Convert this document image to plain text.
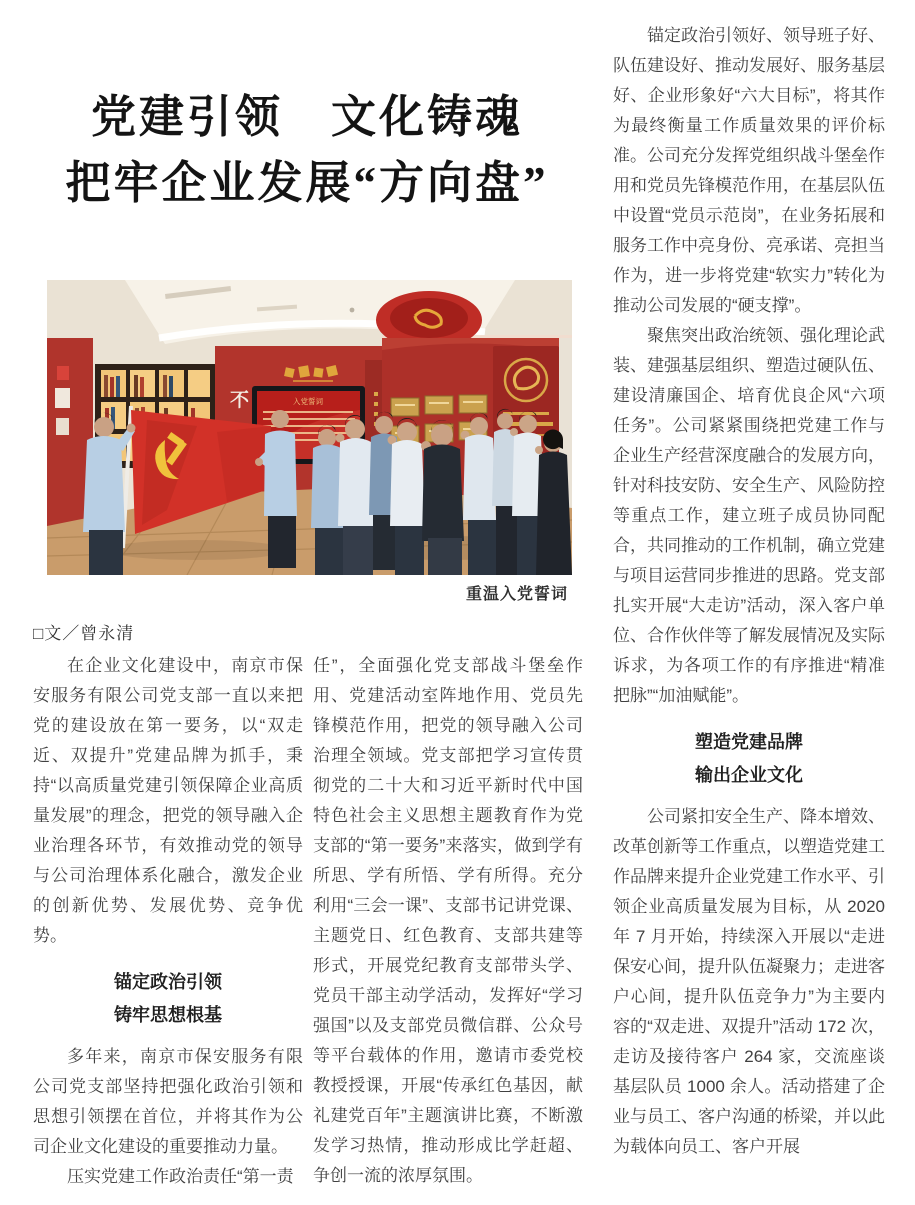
党建引领　文化铸魂
把牢企业发展“方向盘”
不	入党誓词
重温入党誓词
□文／曾永清

在企业文化建设中，南京市保安服务有限公司党支部一直以来把党的建设放在第一要务，以“双走近、双提升”党建品牌为抓手，秉持“以高质量党建引领保障企业高质量发展”的理念，把党的领导融入企业治理各环节，有效推动党的领导与公司治理体系化融合，激发企业的创新优势、发展优势、竞争优势。

锚定政治引领
铸牢思想根基

多年来，南京市保安服务有限公司党支部坚持把强化政治引领和思想引领摆在首位，并将其作为公司企业文化建设的重要推动力量。

压实党建工作政治责任“第一责

任”，全面强化党支部战斗堡垒作用、党建活动室阵地作用、党员先锋模范作用，把党的领导融入公司治理全领域。党支部把学习宣传贯彻党的二十大和习近平新时代中国特色社会主义思想主题教育作为党支部的“第一要务”来落实，做到学有所思、学有所悟、学有所得。充分利用“三会一课”、支部书记讲党课、主题党日、红色教育、支部共建等形式，开展党纪教育支部带头学、党员干部主动学活动，发挥好“学习强国”以及支部党员微信群、公众号等平台载体的作用，邀请市委党校教授授课，开展“传承红色基因，献礼建党百年”主题演讲比赛，不断激发学习热情，推动形成比学赶超、争创一流的浓厚氛围。

锚定政治引领好、领导班子好、队伍建设好、推动发展好、服务基层好、企业形象好“六大目标”，将其作为最终衡量工作质量效果的评价标准。公司充分发挥党组织战斗堡垒作用和党员先锋模范作用，在基层队伍中设置“党员示范岗”，在业务拓展和服务工作中亮身份、亮承诺、亮担当作为，进一步将党建“软实力”转化为推动公司发展的“硬支撑”。

聚焦突出政治统领、强化理论武装、建强基层组织、塑造过硬队伍、建设清廉国企、培育优良企风“六项任务”。公司紧紧围绕把党建工作与企业生产经营深度融合的发展方向，针对科技安防、安全生产、风险防控等重点工作，建立班子成员协同配合，共同推动的工作机制，确立党建与项目运营同步推进的思路。党支部扎实开展“大走访”活动，深入客户单位、合作伙伴等了解发展情况及实际诉求，为各项工作的有序推进“精准把脉”“加油赋能”。

塑造党建品牌
输出企业文化

公司紧扣安全生产、降本增效、改革创新等工作重点，以塑造党建工作品牌来提升企业党建工作水平、引领企业高质量发展为目标，从 2020 年 7 月开始，持续深入开展以“走进保安心间，提升队伍凝聚力；走进客户心间，提升队伍竞争力”为主要内容的“双走进、双提升”活动 172 次，走访及接待客户 264 家，交流座谈基层队员 1000 余人。活动搭建了企业与员工、客户沟通的桥梁，并以此为载体向员工、客户开展
